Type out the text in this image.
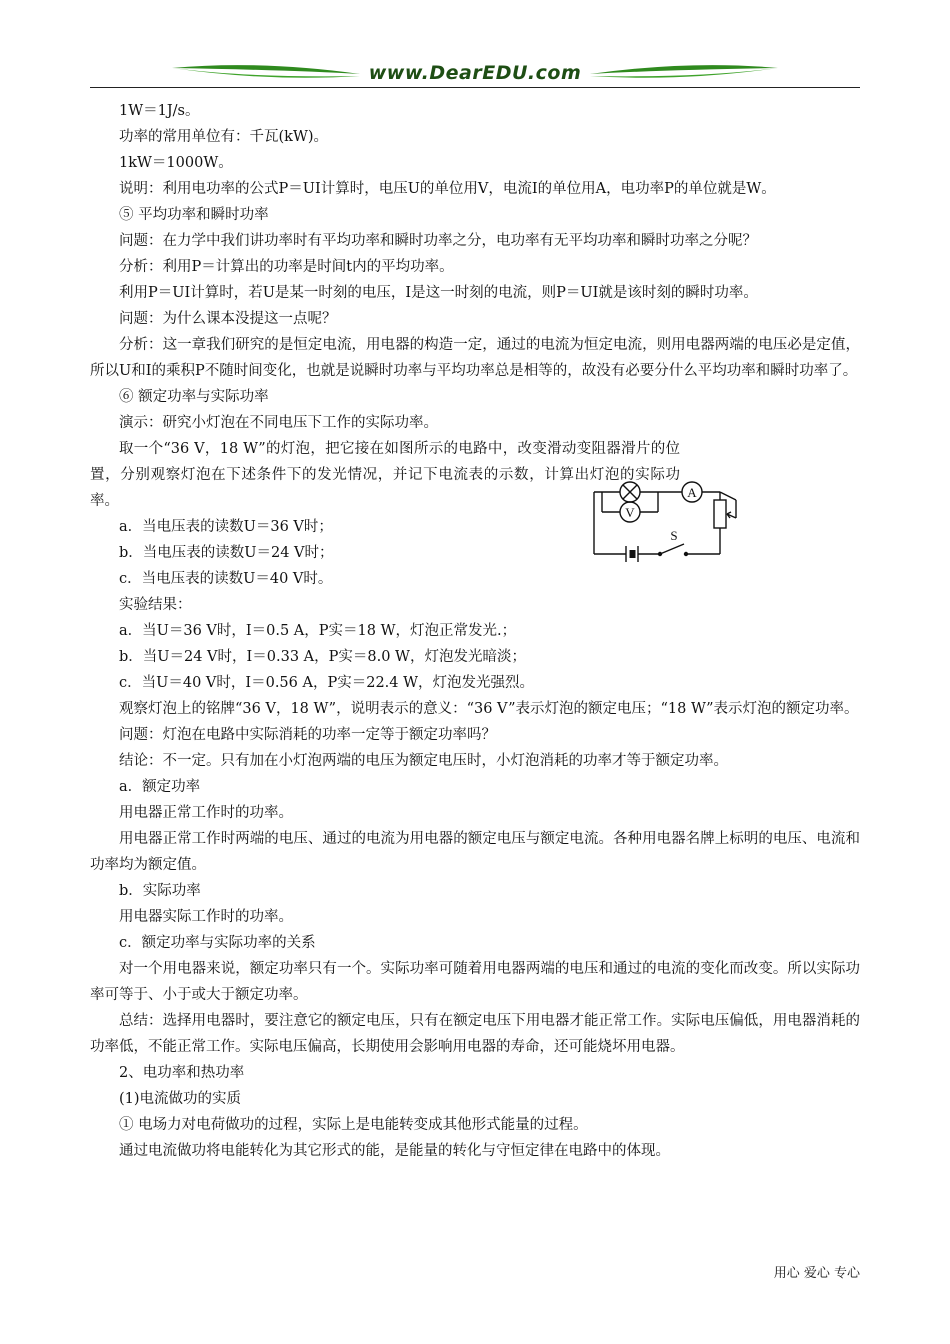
www.DearEDU.com

1W＝1J/s。

功率的常用单位有：千瓦(kW)。

1kW＝1000W。

说明：利用电功率的公式P＝UI计算时，电压U的单位用V，电流I的单位用A，电功率P的单位就是W。

⑤ 平均功率和瞬时功率

问题：在力学中我们讲功率时有平均功率和瞬时功率之分，电功率有无平均功率和瞬时功率之分呢？

分析：利用P＝计算出的功率是时间t内的平均功率。

利用P＝UI计算时，若U是某一时刻的电压，I是这一时刻的电流，则P＝UI就是该时刻的瞬时功率。

问题：为什么课本没提这一点呢？

分析：这一章我们研究的是恒定电流，用电器的构造一定，通过的电流为恒定电流，则用电器两端的电压必是定值，所以U和I的乘积P不随时间变化，也就是说瞬时功率与平均功率总是相等的，故没有必要分什么平均功率和瞬时功率了。

⑥ 额定功率与实际功率

演示：研究小灯泡在不同电压下工作的实际功率。

取一个“36 V，18 W”的灯泡，把它接在如图所示的电路中，改变滑动变阻器滑片的位置，分别观察灯泡在下述条件下的发光情况，并记下电流表的示数，计算出灯泡的实际功率。

a．当电压表的读数U＝36 V时；

b．当电压表的读数U＝24 V时；

c．当电压表的读数U＝40 V时。

实验结果：

a．当U＝36 V时，I＝0.5 A，P实＝18 W，灯泡正常发光.；

b．当U＝24 V时，I＝0.33 A，P实＝8.0 W，灯泡发光暗淡；

c．当U＝40 V时，I＝0.56 A，P实＝22.4 W，灯泡发光强烈。

观察灯泡上的铭牌“36 V，18 W”，说明表示的意义：“36 V”表示灯泡的额定电压；“18 W”表示灯泡的额定功率。

问题：灯泡在电路中实际消耗的功率一定等于额定功率吗？

结论：不一定。只有加在小灯泡两端的电压为额定电压时，小灯泡消耗的功率才等于额定功率。

a．额定功率

用电器正常工作时的功率。

用电器正常工作时两端的电压、通过的电流为用电器的额定电压与额定电流。各种用电器名牌上标明的电压、电流和功率均为额定值。

b．实际功率

用电器实际工作时的功率。

c．额定功率与实际功率的关系

对一个用电器来说，额定功率只有一个。实际功率可随着用电器两端的电压和通过的电流的变化而改变。所以实际功率可等于、小于或大于额定功率。

总结：选择用电器时，要注意它的额定电压，只有在额定电压下用电器才能正常工作。实际电压偏低，用电器消耗的功率低，不能正常工作。实际电压偏高，长期使用会影响用电器的寿命，还可能烧坏用电器。

2、电功率和热功率

(1)电流做功的实质

① 电场力对电荷做功的过程，实际上是电能转变成其他形式能量的过程。

通过电流做功将电能转化为其它形式的能，是能量的转化与守恒定律在电路中的体现。

A
V
S
用心 爱心 专心
